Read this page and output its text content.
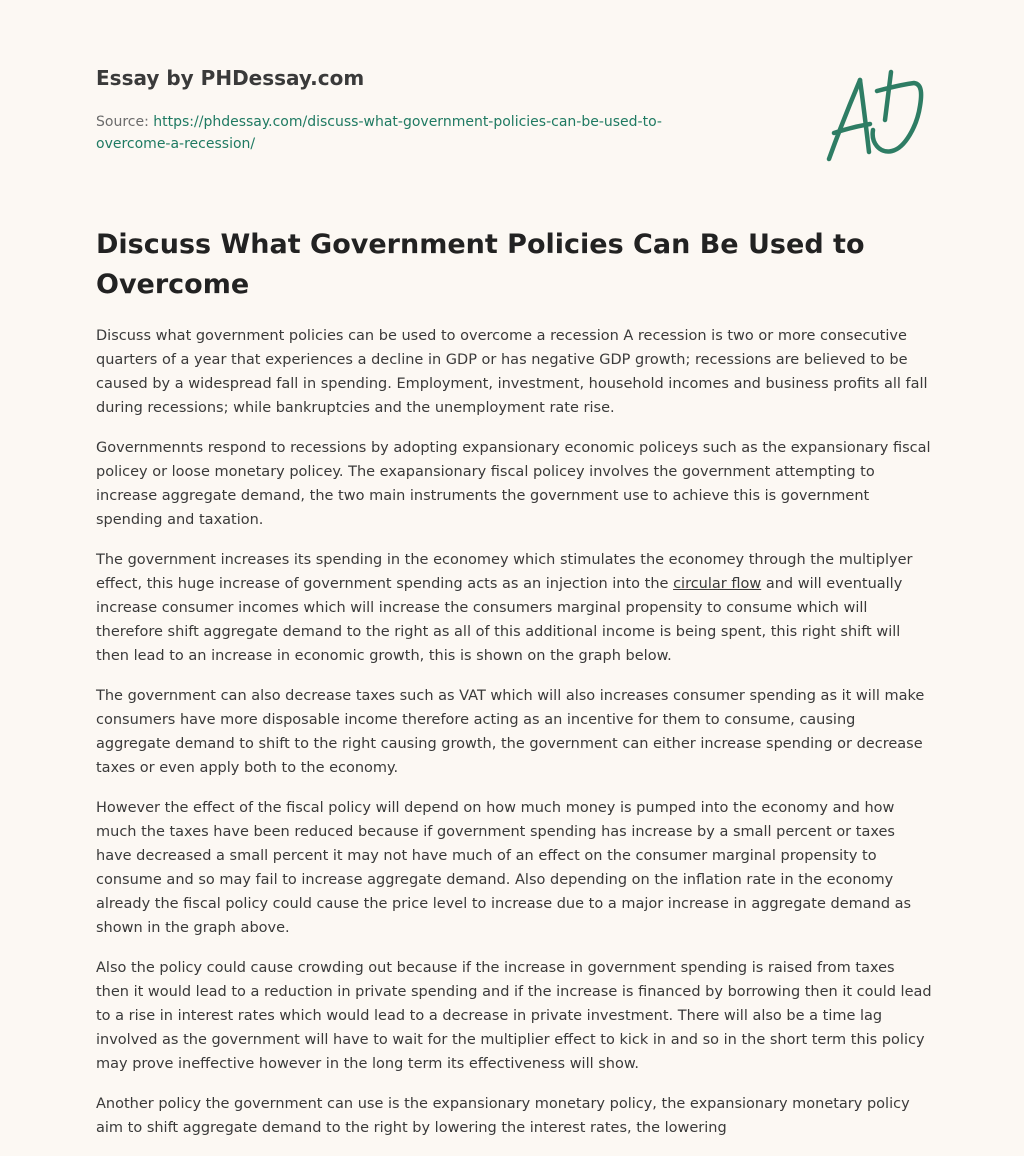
Essay by PHDessay.com
Source: https://phdessay.com/discuss-what-government-policies-can-be-used-to-overcome-a-recession/
Discuss What Government Policies Can Be Used to Overcome

Discuss what government policies can be used to overcome a recession A recession is two or more consecutive quarters of a year that experiences a decline in GDP or has negative GDP growth; recessions are believed to be caused by a widespread fall in spending. Employment, investment, household incomes and business profits all fall during recessions; while bankruptcies and the unemployment rate rise.

Governmennts respond to recessions by adopting expansionary economic policeys such as the expansionary fiscal policey or loose monetary policey. The exapansionary fiscal policey involves the government attempting to increase aggregate demand, the two main instruments the government use to achieve this is government spending and taxation.

The government increases its spending in the economey which stimulates the economey through the multiplyer effect, this huge increase of government spending acts as an injection into the circular flow and will eventually increase consumer incomes which will increase the consumers marginal propensity to consume which will therefore shift aggregate demand to the right as all of this additional income is being spent, this right shift will then lead to an increase in economic growth, this is shown on the graph below.

The government can also decrease taxes such as VAT which will also increases consumer spending as it will make consumers have more disposable income therefore acting as an incentive for them to consume, causing aggregate demand to shift to the right causing growth, the government can either increase spending or decrease taxes or even apply both to the economy.

However the effect of the fiscal policy will depend on how much money is pumped into the economy and how much the taxes have been reduced because if government spending has increase by a small percent or taxes have decreased a small percent it may not have much of an effect on the consumer marginal propensity to consume and so may fail to increase aggregate demand. Also depending on the inflation rate in the economy already the fiscal policy could cause the price level to increase due to a major increase in aggregate demand as shown in the graph above.

Also the policy could cause crowding out because if the increase in government spending is raised from taxes then it would lead to a reduction in private spending and if the increase is financed by borrowing then it could lead to a rise in interest rates which would lead to a decrease in private investment. There will also be a time lag involved as the government will have to wait for the multiplier effect to kick in and so in the short term this policy may prove ineffective however in the long term its effectiveness will show.

Another policy the government can use is the expansionary monetary policy, the expansionary monetary policy aim to shift aggregate demand to the right by lowering the interest rates, the lowering
